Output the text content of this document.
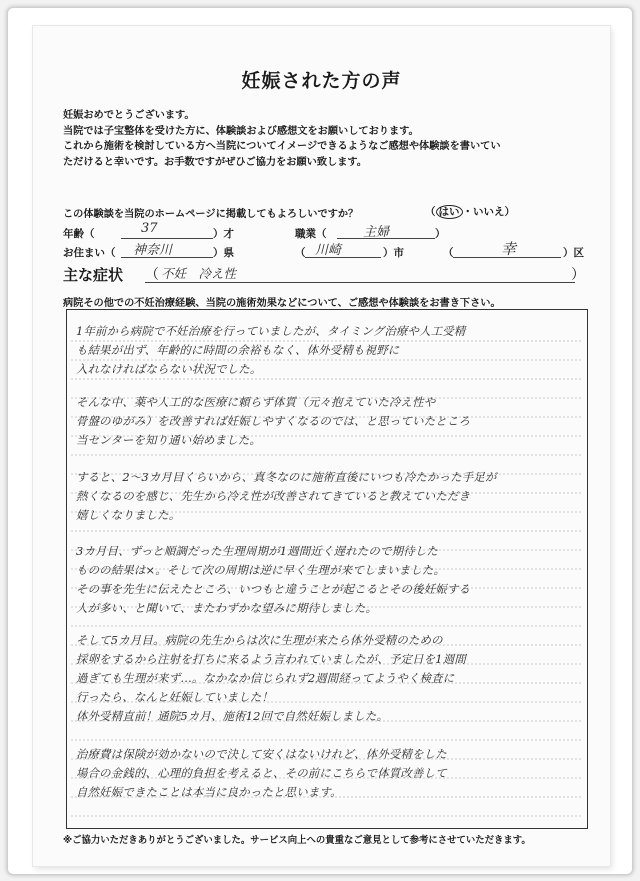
妊娠された方の声
妊娠おめでとうございます。
当院では子宝整体を受けた方に、体験談および感想文をお願いしております。
これから施術を検討している方へ当院についてイメージできるようなご感想や体験談を書いてい
ただけると幸いです。お手数ですがぜひご協力をお願い致します。
この体験談を当院のホームページに掲載してもよろしいですか？	（ はい ・いいえ）
年齢（	37	）才	職業（	主婦	）
お住まい（ 神奈川	）県	（ 川崎	）市	（	幸	）区
主な症状 （ 不妊　冷え性	）
病院その他での不妊治療経験、当院の施術効果などについて、ご感想や体験談をお書き下さい。
1年前から病院で不妊治療を行っていましたが、タイミング治療や人工受精
も結果が出ず、年齢的に時間の余裕もなく、体外受精も視野に
入れなければならない状況でした。
そんな中、薬や人工的な医療に頼らず体質（元々抱えていた冷え性や
骨盤のゆがみ）を改善すれば妊娠しやすくなるのでは、と思っていたところ
当センターを知り通い始めました。
すると、2～3カ月目くらいから、真冬なのに施術直後にいつも冷たかった手足が
熱くなるのを感じ、先生から冷え性が改善されてきていると教えていただき
嬉しくなりました。
3カ月目、ずっと順調だった生理周期が1週間近く遅れたので期待した
ものの結果は×。そして次の周期は逆に早く生理が来てしまいました。
その事を先生に伝えたところ、いつもと違うことが起こるとその後妊娠する
人が多い、と聞いて、またわずかな望みに期待しました。
そして5カ月目。病院の先生からは次に生理が来たら体外受精のための
採卵をするから注射を打ちに来るよう言われていましたが、予定日を1週間
過ぎても生理が来ず…。なかなか信じられず2週間経ってようやく検査に
行ったら、なんと妊娠していました！
体外受精直前！通院5カ月、施術12回で自然妊娠しました。
治療費は保険が効かないので決して安くはないけれど、体外受精をした
場合の金銭的、心理的負担を考えると、その前にこちらで体質改善して
自然妊娠できたことは本当に良かったと思います。
※ご協力いただきありがとうございました。サービス向上への貴重なご意見として参考にさせていただきます。
